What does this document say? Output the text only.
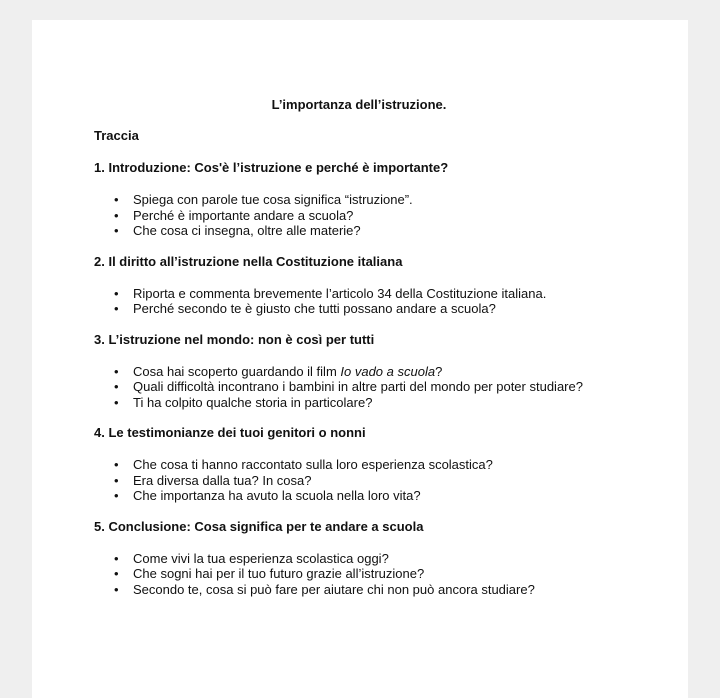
L’importanza dell’istruzione.
Traccia
1. Introduzione: Cos'è l’istruzione e perché è importante?
• Spiega con parole tue cosa significa “istruzione”.
• Perché è importante andare a scuola?
• Che cosa ci insegna, oltre alle materie?
2. Il diritto all’istruzione nella Costituzione italiana
• Riporta e commenta brevemente l’articolo 34 della Costituzione italiana.
• Perché secondo te è giusto che tutti possano andare a scuola?
3. L’istruzione nel mondo: non è così per tutti
• Cosa hai scoperto guardando il film Io vado a scuola?
• Quali difficoltà incontrano i bambini in altre parti del mondo per poter studiare?
• Ti ha colpito qualche storia in particolare?
4. Le testimonianze dei tuoi genitori o nonni
• Che cosa ti hanno raccontato sulla loro esperienza scolastica?
• Era diversa dalla tua? In cosa?
• Che importanza ha avuto la scuola nella loro vita?
5. Conclusione: Cosa significa per te andare a scuola
• Come vivi la tua esperienza scolastica oggi?
• Che sogni hai per il tuo futuro grazie all’istruzione?
• Secondo te, cosa si può fare per aiutare chi non può ancora studiare?
